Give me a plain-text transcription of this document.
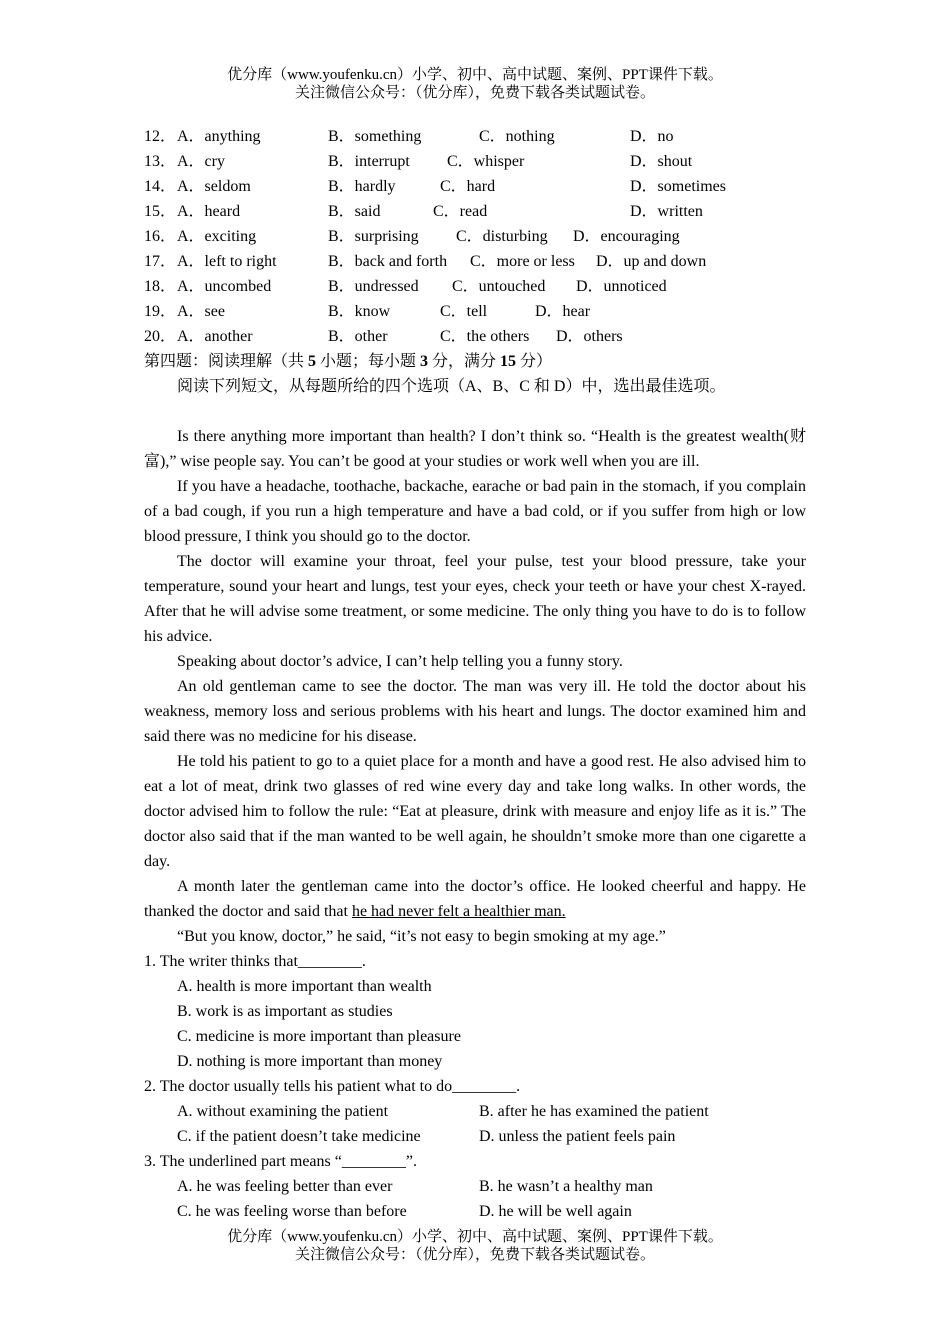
优分库（www.youfenku.cn）小学、初中、高中试题、案例、PPT课件下载。
关注微信公众号：（优分库），免费下载各类试题试卷。
12． A．anything	B．something	C．nothing	D．no
13． A．cry	B．interrupt C．whisper	D．shout
14． A．seldom	B．hardly	C．hard	D．sometimes
15． A．heard	B．said	C．read	D．written
16． A．exciting	B．surprising C．disturbing D．encouraging
17． A．left to right	B．back and forth C．more or less D．up and down
18． A．uncombed	B．undressed C．untouched D．unnoticed
19． A．see	B．know	C．tell	D．hear
20． A．another	B．other	C．the others D．others
第四题：阅读理解（共 5 小题；每小题 3 分，满分 15 分）
阅读下列短文，从每题所给的四个选项（A、B、C 和 D）中，选出最佳选项。

Is there anything more important than health? I don’t think so. “Health is the greatest wealth(财富),” wise people say. You can’t be good at your studies or work well when you are ill.

If you have a headache, toothache, backache, earache or bad pain in the stomach, if you complain of a bad cough, if you run a high temperature and have a bad cold, or if you suffer from high or low blood pressure, I think you should go to the doctor.

The doctor will examine your throat, feel your pulse, test your blood pressure, take your temperature, sound your heart and lungs, test your eyes, check your teeth or have your chest X-rayed. After that he will advise some treatment, or some medicine. The only thing you have to do is to follow his advice.

Speaking about doctor’s advice, I can’t help telling you a funny story.

An old gentleman came to see the doctor. The man was very ill. He told the doctor about his weakness, memory loss and serious problems with his heart and lungs. The doctor examined him and said there was no medicine for his disease.

He told his patient to go to a quiet place for a month and have a good rest. He also advised him to eat a lot of meat, drink two glasses of red wine every day and take long walks. In other words, the doctor advised him to follow the rule: “Eat at pleasure, drink with measure and enjoy life as it is.” The doctor also said that if the man wanted to be well again, he shouldn’t smoke more than one cigarette a day.

A month later the gentleman came into the doctor’s office. He looked cheerful and happy. He thanked the doctor and said that he had never felt a healthier man.

“But you know, doctor,” he said, “it’s not easy to begin smoking at my age.”

1. The writer thinks that________.
A. health is more important than wealth
B. work is as important as studies
C. medicine is more important than pleasure
D. nothing is more important than money
2. The doctor usually tells his patient what to do________.
A. without examining the patient	B. after he has examined the patient
C. if the patient doesn’t take medicine	D. unless the patient feels pain
3. The underlined part means “________”.
A. he was feeling better than ever	B. he wasn’t a healthy man
C. he was feeling worse than before	D. he will be well again
优分库（www.youfenku.cn）小学、初中、高中试题、案例、PPT课件下载。
关注微信公众号：（优分库），免费下载各类试题试卷。
